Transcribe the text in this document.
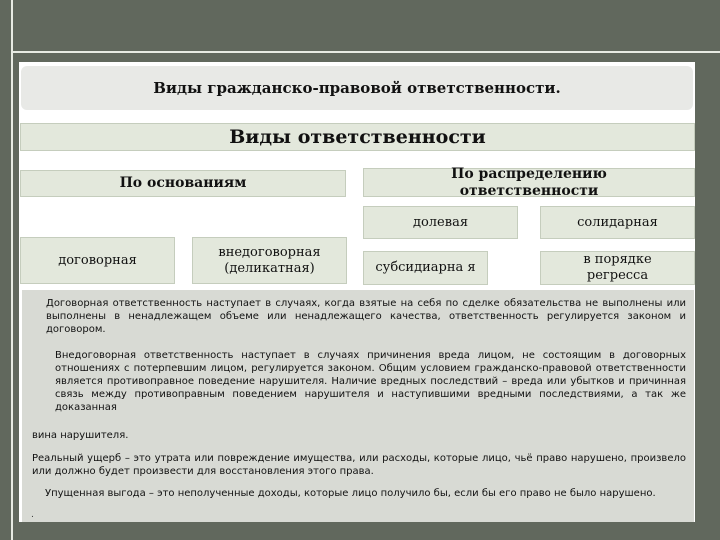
Виды гражданско-правовой ответственности.
Виды ответственности
По основаниям
По распределению ответственности
договорная
внедоговорная (деликатная)
долевая	солидарная
субсидиарна я
в порядке регресса
Договорная ответственность наступает в случаях, когда взятые на себя по сделке обязательства не выполнены или выполнены в ненадлежащем объеме или ненадлежащего качества, ответственность регулируется законом и договором.
Внедоговорная ответственность наступает в случаях причинения вреда лицом, не состоящим в договорных отношениях с потерпевшим лицом, регулируется законом. Общим условием гражданско-правовой ответственности является противоправное поведение нарушителя. Наличие вредных последствий – вреда или убытков и причинная связь между противоправным поведением нарушителя и наступившими вредными последствиями, а так же доказанная
вина нарушителя.
Реальный ущерб – это утрата или повреждение имущества, или расходы, которые лицо, чьё право нарушено, произвело или должно будет произвести для восстановления этого права.
Упущенная выгода – это неполученные доходы, которые лицо получило бы, если бы его право не было нарушено.
.
